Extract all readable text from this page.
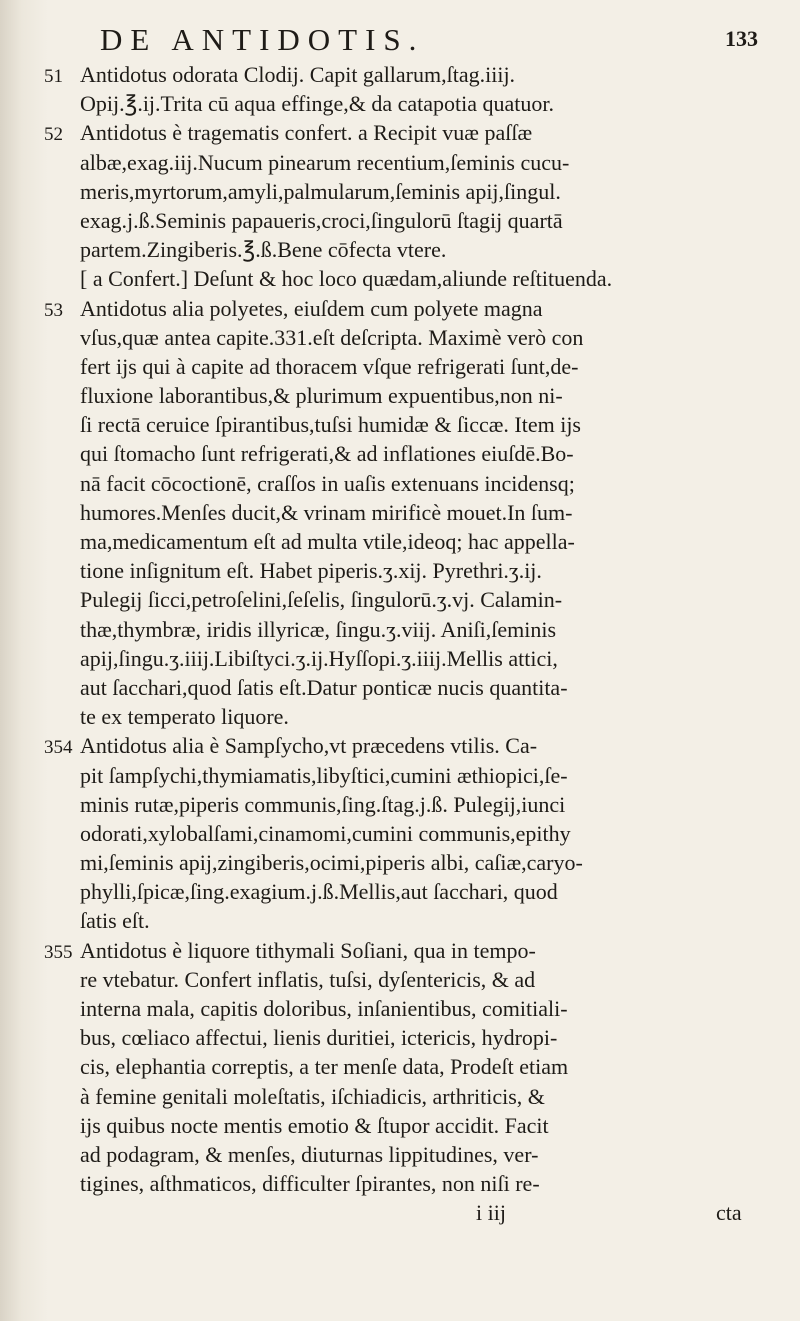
DE ANTIDOTIS.	133
51 Antidotus odorata Clodij. Capit gallarum,ſtag.iiij.
Opij.℥.ij.Trita cū aqua effinge,& da catapotia quatuor.
52 Antidotus è tragematis confert. a Recipit vuæ paſſæ
albæ,exag.iij.Nucum pinearum recentium,ſeminis cucu-
meris,myrtorum,amyli,palmularum,ſeminis apij,ſingul.
exag.j.ß.Seminis papaueris,croci,ſingulorū ſtagij quartā
partem.Zingiberis.℥.ß.Bene cōfecta vtere.
[ a Confert.] Deſunt & hoc loco quædam,aliunde reſtituenda.
53 Antidotus alia polyetes, eiuſdem cum polyete magna
vſus,quæ antea capite.331.eſt deſcripta. Maximè verò con
fert ijs qui à capite ad thoracem vſque refrigerati ſunt,de-
fluxione laborantibus,& plurimum expuentibus,non ni-
ſi rectā ceruice ſpirantibus,tuſsi humidæ & ſiccæ. Item ijs
qui ſtomacho ſunt refrigerati,& ad inflationes eiuſdē.Bo-
nā facit cōcoctionē, craſſos in uaſis extenuans incidensq;
humores.Menſes ducit,& vrinam mirificè mouet.In ſum-
ma,medicamentum eſt ad multa vtile,ideoq; hac appella-
tione inſignitum eſt. Habet piperis.ʒ.xij. Pyrethri.ʒ.ij.
Pulegij ſicci,petroſelini,ſeſelis, ſingulorū.ʒ.vj. Calamin-
thæ,thymbræ, iridis illyricæ, ſingu.ʒ.viij. Aniſi,ſeminis
apij,ſingu.ʒ.iiij.Libiſtyci.ʒ.ij.Hyſſopi.ʒ.iiij.Mellis attici,
aut ſacchari,quod ſatis eſt.Datur ponticæ nucis quantita-
te ex temperato liquore.
354 Antidotus alia è Sampſycho,vt præcedens vtilis. Ca-
pit ſampſychi,thymiamatis,libyſtici,cumini æthiopici,ſe-
minis rutæ,piperis communis,ſing.ſtag.j.ß. Pulegij,iunci
odorati,xylobalſami,cinamomi,cumini communis,epithy
mi,ſeminis apij,zingiberis,ocimi,piperis albi, caſiæ,caryo-
phylli,ſpicæ,ſing.exagium.j.ß.Mellis,aut ſacchari, quod
ſatis eſt.
355 Antidotus è liquore tithymali Soſiani, qua in tempo-
re vtebatur. Confert inflatis, tuſsi, dyſentericis, & ad
interna mala, capitis doloribus, inſanientibus, comitiali-
bus, cœliaco affectui, lienis duritiei, ictericis, hydropi-
cis, elephantia correptis, a ter menſe data, Prodeſt etiam
à femine genitali moleſtatis, iſchiadicis, arthriticis, &
ijs quibus nocte mentis emotio & ſtupor accidit. Facit
ad podagram, & menſes, diuturnas lippitudines, ver-
tigines, aſthmaticos, difficulter ſpirantes, non niſi re-
i iij	cta
